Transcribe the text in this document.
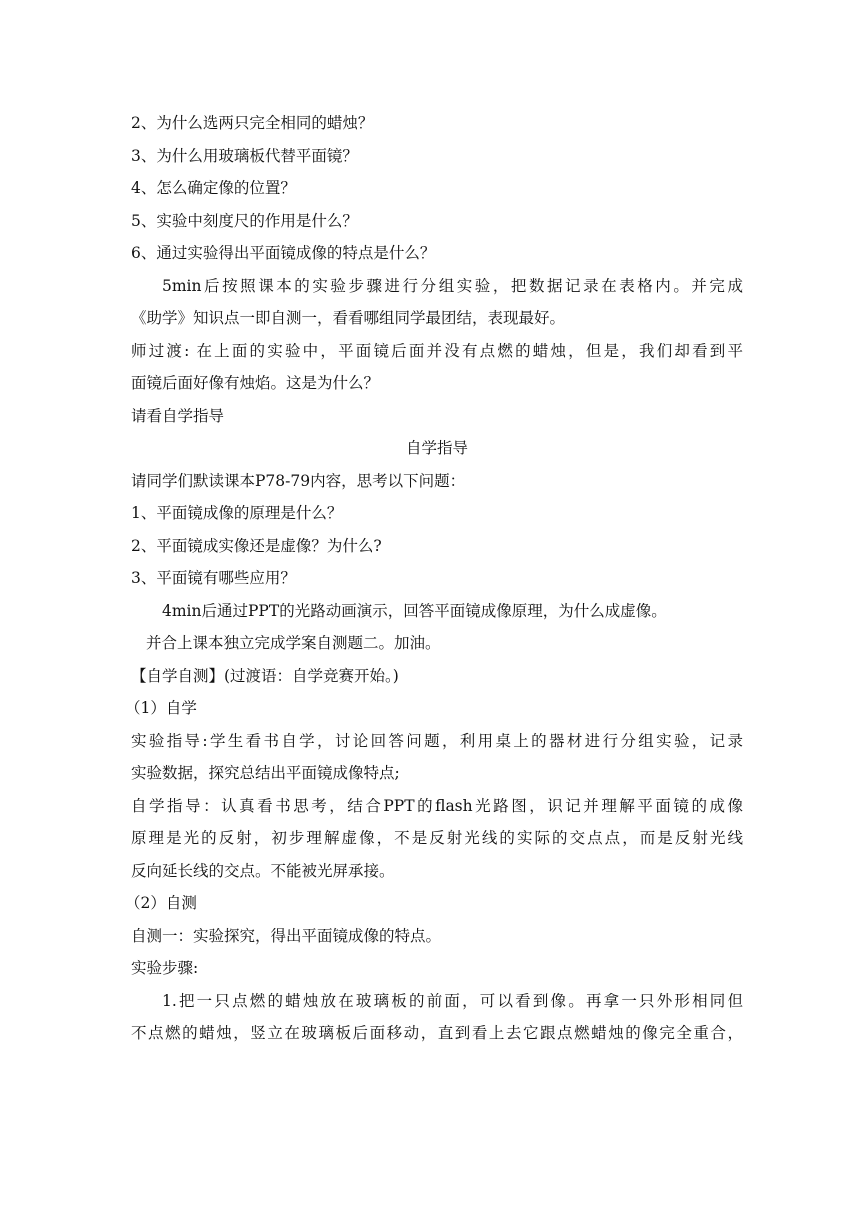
2、为什么选两只完全相同的蜡烛？
3、为什么用玻璃板代替平面镜？
4、怎么确定像的位置？
5、实验中刻度尺的作用是什么？
6、通过实验得出平面镜成像的特点是什么？
5min后按照课本的实验步骤进行分组实验，把数据记录在表格内。并完成
《助学》知识点一即自测一，看看哪组同学最团结，表现最好。
师过渡: 在上面的实验中，平面镜后面并没有点燃的蜡烛，但是，我们却看到平
面镜后面好像有烛焰。这是为什么？
请看自学指导
自学指导
请同学们默读课本P78-79内容，思考以下问题：
1、平面镜成像的原理是什么？
2、平面镜成实像还是虚像？为什么?
3、平面镜有哪些应用？
4min后通过PPT的光路动画演示，回答平面镜成像原理，为什么成虚像。
并合上课本独立完成学案自测题二。加油。
【自学自测】(过渡语：自学竞赛开始。)
（1）自学
实验指导:学生看书自学，讨论回答问题，利用桌上的器材进行分组实验，记录
实验数据，探究总结出平面镜成像特点;
自学指导：认真看书思考，结合PPT的flash光路图，识记并理解平面镜的成像
原理是光的反射，初步理解虚像，不是反射光线的实际的交点点，而是反射光线
反向延长线的交点。不能被光屏承接。
（2）自测
自测一：实验探究，得出平面镜成像的特点。
实验步骤:
1.把一只点燃的蜡烛放在玻璃板的前面，可以看到像。再拿一只外形相同但
不点燃的蜡烛，竖立在玻璃板后面移动，直到看上去它跟点燃蜡烛的像完全重合，
